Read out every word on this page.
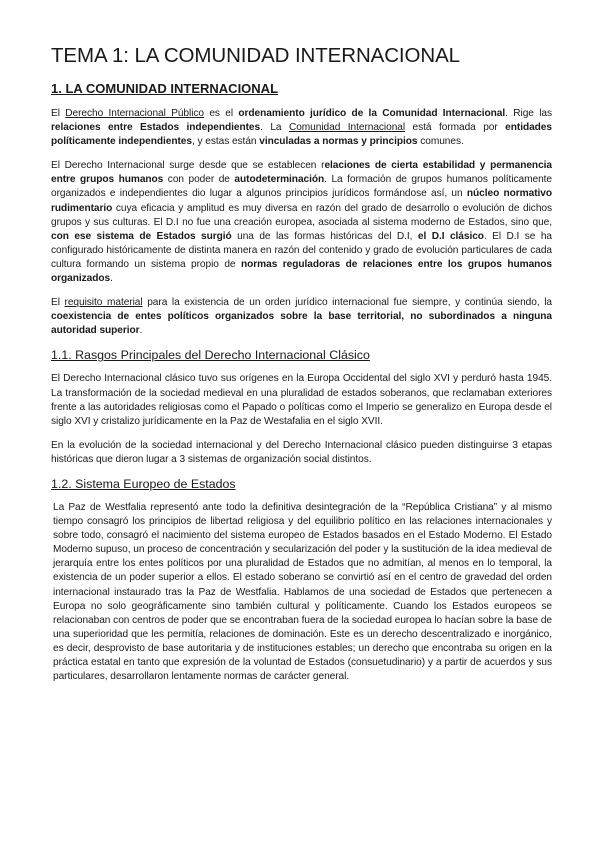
TEMA 1: LA COMUNIDAD INTERNACIONAL
1. LA COMUNIDAD INTERNACIONAL

El Derecho Internacional Público es el ordenamiento jurídico de la Comunidad Internacional. Rige las relaciones entre Estados independientes. La Comunidad Internacional está formada por entidades políticamente independientes, y estas están vinculadas a normas y principios comunes.

El Derecho Internacional surge desde que se establecen relaciones de cierta estabilidad y permanencia entre grupos humanos con poder de autodeterminación. La formación de grupos humanos políticamente organizados e independientes dio lugar a algunos principios jurídicos formándose así, un núcleo normativo rudimentario cuya eficacia y amplitud es muy diversa en razón del grado de desarrollo o evolución de dichos grupos y sus culturas. El D.I no fue una creación europea, asociada al sistema moderno de Estados, sino que, con ese sistema de Estados surgió una de las formas históricas del D.I, el D.I clásico. El D.I se ha configurado históricamente de distinta manera en razón del contenido y grado de evolución particulares de cada cultura formando un sistema propio de normas reguladoras de relaciones entre los grupos humanos organizados.

El requisito material para la existencia de un orden jurídico internacional fue siempre, y continúa siendo, la coexistencia de entes políticos organizados sobre la base territorial, no subordinados a ninguna autoridad superior.

1.1. Rasgos Principales del Derecho Internacional Clásico

El Derecho Internacional clásico tuvo sus orígenes en la Europa Occidental del siglo XVI y perduró hasta 1945. La transformación de la sociedad medieval en una pluralidad de estados soberanos, que reclamaban exteriores frente a las autoridades religiosas como el Papado o políticas como el Imperio se generalizo en Europa desde el siglo XVI y cristalizo jurídicamente en la Paz de Westafalia en el siglo XVII.

En la evolución de la sociedad internacional y del Derecho Internacional clásico pueden distinguirse 3 etapas históricas que dieron lugar a 3 sistemas de organización social distintos.

1.2. Sistema Europeo de Estados

La Paz de Westfalia representó ante todo la definitiva desintegración de la “República Cristiana” y al mismo tiempo consagró los principios de libertad religiosa y del equilibrio político en las relaciones internacionales y sobre todo, consagró el nacimiento del sistema europeo de Estados basados en el Estado Moderno. El Estado Moderno supuso, un proceso de concentración y secularización del poder y la sustitución de la idea medieval de jerarquía entre los entes políticos por una pluralidad de Estados que no admitían, al menos en lo temporal, la existencia de un poder superior a ellos. El estado soberano se convirtió así en el centro de gravedad del orden internacional instaurado tras la Paz de Westfalia. Hablamos de una sociedad de Estados que pertenecen a Europa no solo geográficamente sino también cultural y políticamente. Cuando los Estados europeos se relacionaban con centros de poder que se encontraban fuera de la sociedad europea lo hacían sobre la base de una superioridad que les permitía, relaciones de dominación. Este es un derecho descentralizado e inorgánico, es decir, desprovisto de base autoritaria y de instituciones estables; un derecho que encontraba su origen en la práctica estatal en tanto que expresión de la voluntad de Estados (consuetudinario) y a partir de acuerdos y sus particulares, desarrollaron lentamente normas de carácter general.
